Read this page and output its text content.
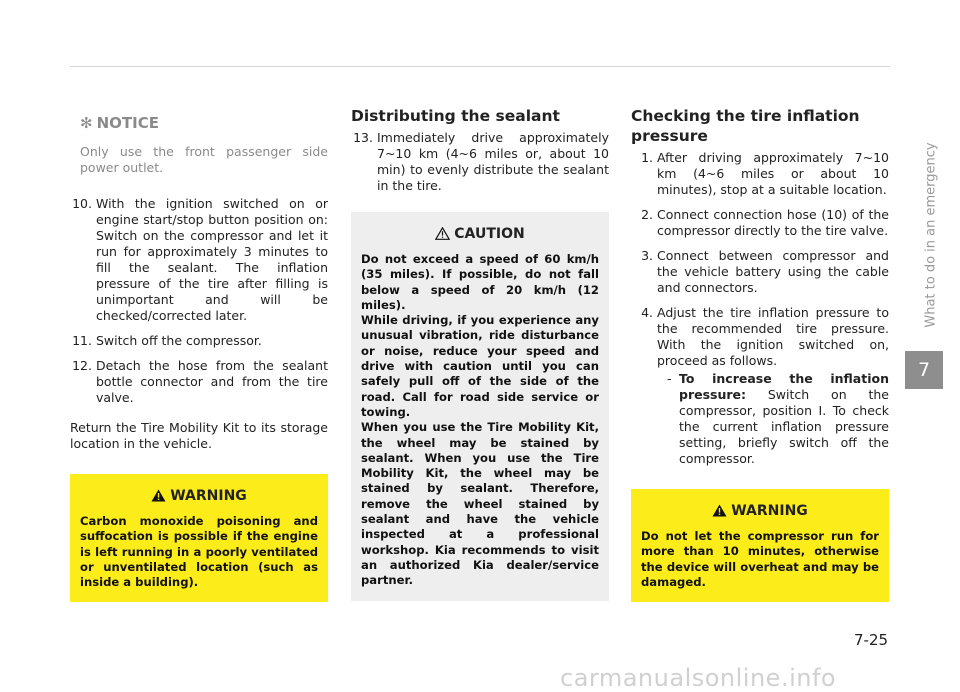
✻ NOTICE
Only use the front passenger side power outlet.
10. With the ignition switched on or engine start/stop button position on: Switch on the compressor and let it run for approximately 3 minutes to fill the sealant. The inflation pressure of the tire after filling is unimportant and will be checked/corrected later.
11. Switch off the compressor.
12. Detach the hose from the sealant bottle connector and from the tire valve.
Return the Tire Mobility Kit to its storage location in the vehicle.
WARNING
Carbon monoxide poisoning and suffocation is possible if the engine is left running in a poorly ventilated or unventilated location (such as inside a building).
Distributing the sealant
13. Immediately drive approximately 7~10 km (4~6 miles or, about 10 min) to evenly distribute the sealant in the tire.
CAUTION
Do not exceed a speed of 60 km/h (35 miles). If possible, do not fall below a speed of 20 km/h (12 miles).
While driving, if you experience any unusual vibration, ride disturbance or noise, reduce your speed and drive with caution until you can safely pull off of the side of the road. Call for road side service or towing.
When you use the Tire Mobility Kit, the wheel may be stained by sealant. When you use the Tire Mobility Kit, the wheel may be stained by sealant. Therefore, remove the wheel stained by sealant and have the vehicle inspected at a professional workshop. Kia recommends to visit an authorized Kia dealer/service partner.
Checking the tire inflation pressure
1. After driving approximately 7~10 km (4~6 miles or about 10 minutes), stop at a suitable location.
2. Connect connection hose (10) of the compressor directly to the tire valve.
3. Connect between compressor and the vehicle battery using the cable and connectors.
4. Adjust the tire inflation pressure to the recommended tire pressure. With the ignition switched on, proceed as follows.
- To increase the inflation pressure: Switch on the compressor, position I. To check the current inflation pressure setting, briefly switch off the compressor.
WARNING
Do not let the compressor run for more than 10 minutes, otherwise the device will overheat and may be damaged.
What to do in an emergency
7
7-25
carmanualsonline.info
